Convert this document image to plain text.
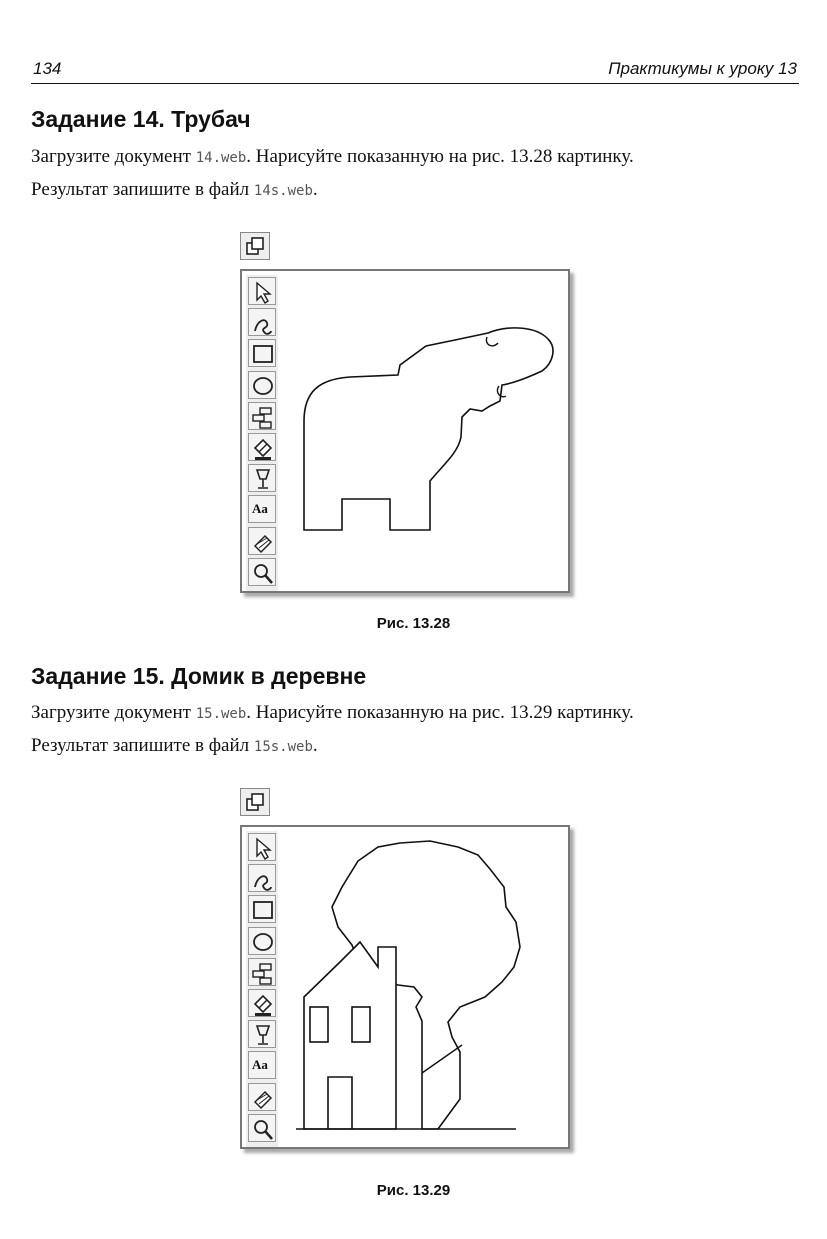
134	Практикумы к уроку 13
Задание 14. Трубач

Загрузите документ 14.web. Нарисуйте показанную на рис. 13.28 картинку.
Результат запишите в файл 14s.web.

Aa
Рис. 13.28
Задание 15. Домик в деревне

Загрузите документ 15.web. Нарисуйте показанную на рис. 13.29 картинку.
Результат запишите в файл 15s.web.

Aa
Рис. 13.29
